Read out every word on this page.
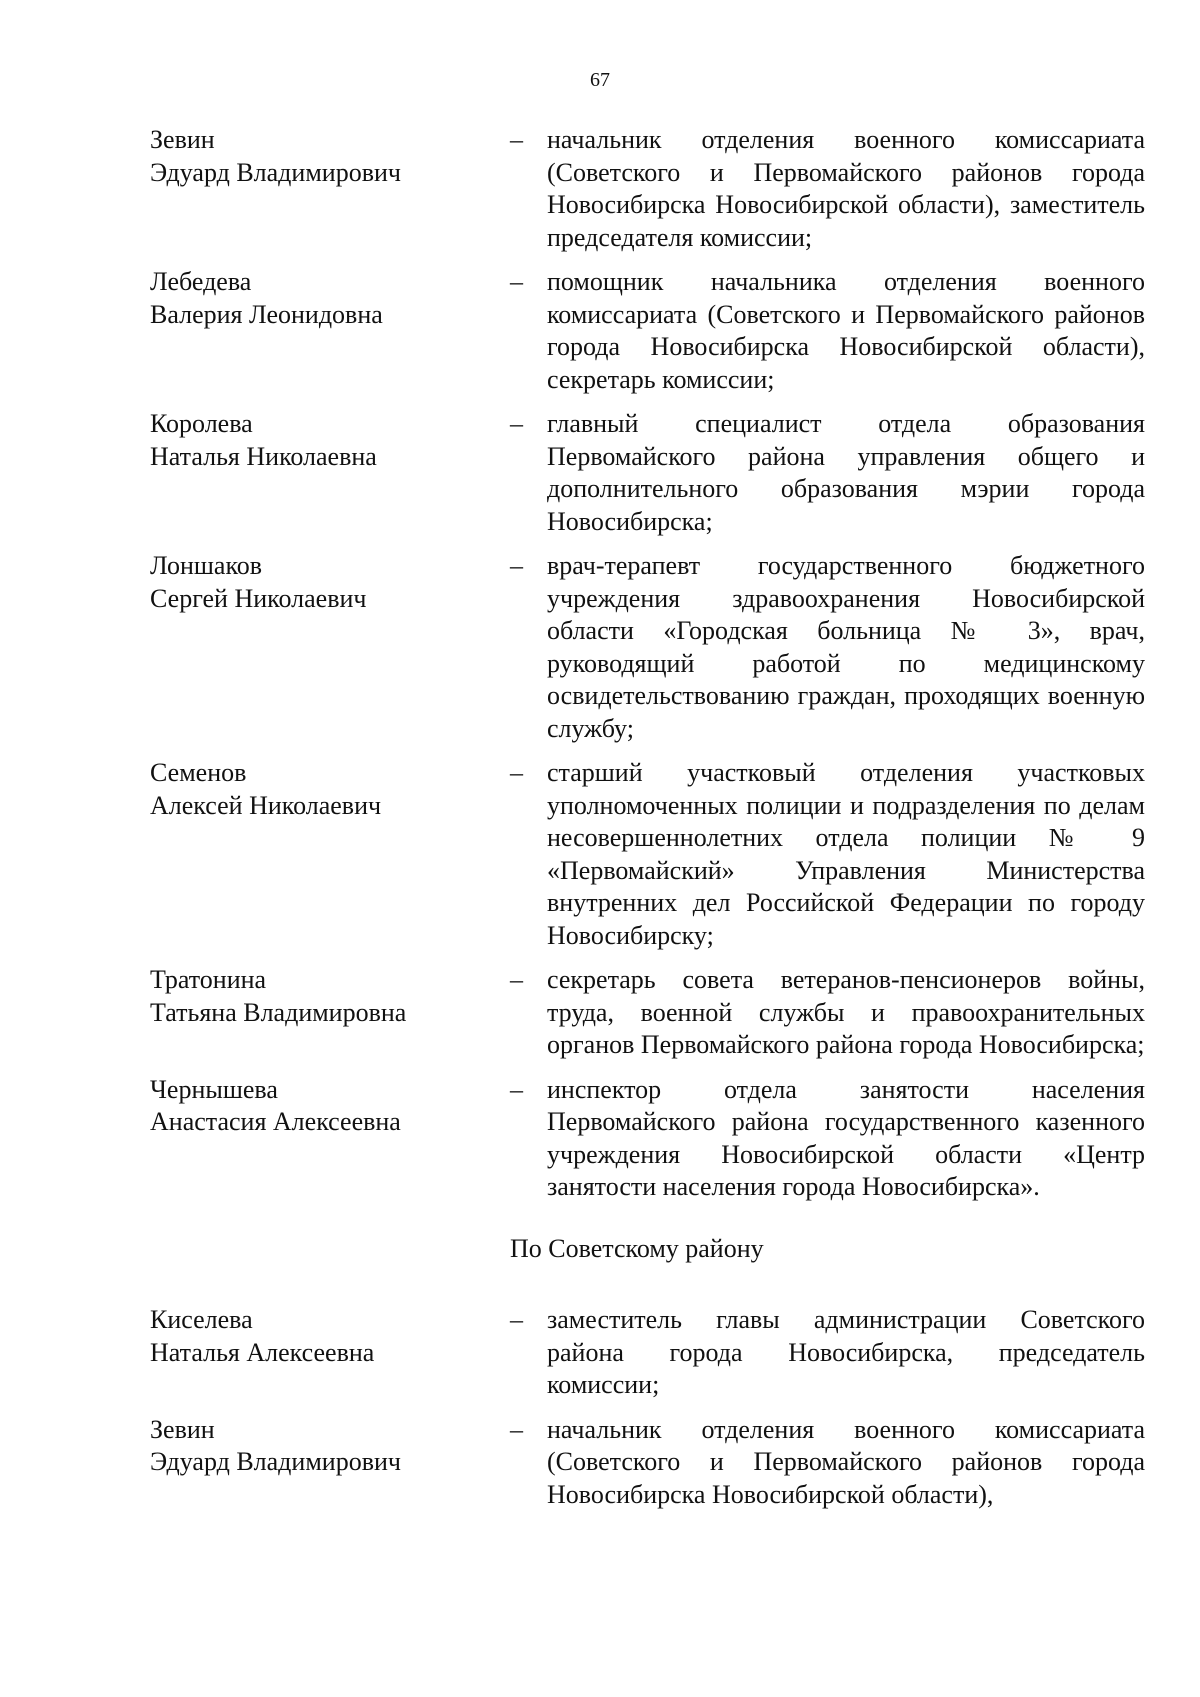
67
Зевин
Эдуард Владимирович
– начальник отделения военного комиссариата (Советского и Первомайского районов города Новосибирска Новосибирской области), заместитель председателя комиссии;
Лебедева
Валерия Леонидовна
– помощник начальника отделения военного комиссариата (Советского и Первомайского районов города Новосибирска Новосибирской области), секретарь комиссии;
Королева
Наталья Николаевна
– главный специалист отдела образования Первомайского района управления общего и дополнительного образования мэрии города Новосибирска;
Лоншаков
Сергей Николаевич
– врач-терапевт государственного бюджетного учреждения здравоохранения Новосибирской области «Городская больница № 3», врач, руководящий работой по медицинскому освидетельствованию граждан, проходящих военную службу;
Семенов
Алексей Николаевич
– старший участковый отделения участковых уполномоченных полиции и подразделения по делам несовершеннолетних отдела полиции № 9 «Первомайский» Управления Министерства внутренних дел Российской Федерации по городу Новосибирску;
Тратонина
Татьяна Владимировна
– секретарь совета ветеранов-пенсионеров войны, труда, военной службы и правоохранительных органов Первомайского района города Новосибирска;
Чернышева
Анастасия Алексеевна
– инспектор отдела занятости населения Первомайского района государственного казенного учреждения Новосибирской области «Центр занятости населения города Новосибирска».
По Советскому району
Киселева
Наталья Алексеевна
– заместитель главы администрации Советского района города Новосибирска, председатель комиссии;
Зевин
Эдуард Владимирович
– начальник отделения военного комиссариата (Советского и Первомайского районов города Новосибирска Новосибирской области),
